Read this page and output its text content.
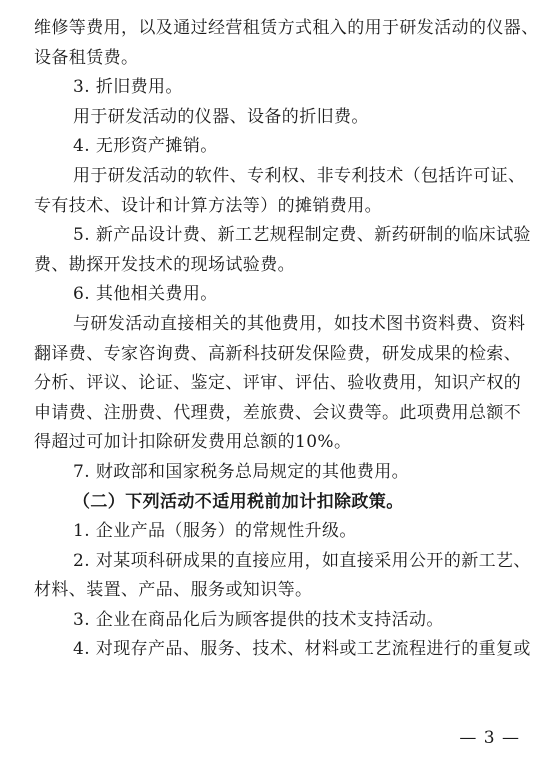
维修等费用，以及通过经营租赁方式租入的用于研发活动的仪器、
设备租赁费。
3. 折旧费用。
用于研发活动的仪器、设备的折旧费。
4. 无形资产摊销。
用于研发活动的软件、专利权、非专利技术（包括许可证、
专有技术、设计和计算方法等）的摊销费用。
5. 新产品设计费、新工艺规程制定费、新药研制的临床试验
费、勘探开发技术的现场试验费。
6. 其他相关费用。
与研发活动直接相关的其他费用，如技术图书资料费、资料
翻译费、专家咨询费、高新科技研发保险费，研发成果的检索、
分析、评议、论证、鉴定、评审、评估、验收费用，知识产权的
申请费、注册费、代理费，差旅费、会议费等。此项费用总额不
得超过可加计扣除研发费用总额的10%。
7. 财政部和国家税务总局规定的其他费用。
（二）下列活动不适用税前加计扣除政策。
1. 企业产品（服务）的常规性升级。
2. 对某项科研成果的直接应用，如直接采用公开的新工艺、
材料、装置、产品、服务或知识等。
3. 企业在商品化后为顾客提供的技术支持活动。
4. 对现存产品、服务、技术、材料或工艺流程进行的重复或
— 3 —
